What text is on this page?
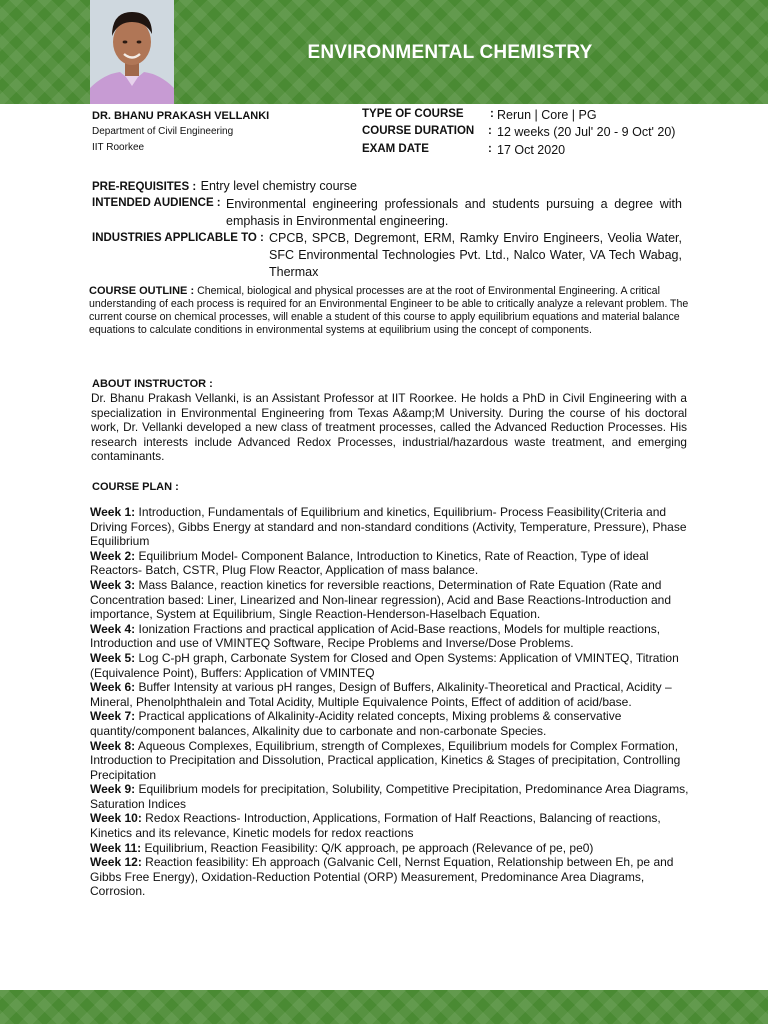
ENVIRONMENTAL CHEMISTRY
DR. BHANU PRAKASH VELLANKI
Department of Civil Engineering
IIT Roorkee
TYPE OF COURSE : Rerun | Core | PG
COURSE DURATION : 12 weeks (20 Jul' 20 - 9 Oct' 20)
EXAM DATE	: 17 Oct 2020
PRE-REQUISITES : Entry level chemistry course
INTENDED AUDIENCE : Environmental engineering professionals and students pursuing a degree with emphasis in Environmental engineering.
INDUSTRIES APPLICABLE TO : CPCB, SPCB, Degremont, ERM, Ramky Enviro Engineers, Veolia Water, SFC Environmental Technologies Pvt. Ltd., Nalco Water, VA Tech Wabag, Thermax
COURSE OUTLINE : Chemical, biological and physical processes are at the root of Environmental Engineering. A critical understanding of each process is required for an Environmental Engineer to be able to critically analyze a relevant problem. The current course on chemical processes, will enable a student of this course to apply equilibrium equations and material balance equations to calculate conditions in environmental systems at equilibrium using the concept of components.
ABOUT INSTRUCTOR :
Dr. Bhanu Prakash Vellanki, is an Assistant Professor at IIT Roorkee. He holds a PhD in Civil Engineering with a specialization in Environmental Engineering from Texas A&amp;M University. During the course of his doctoral work, Dr. Vellanki developed a new class of treatment processes, called the Advanced Reduction Processes. His research interests include Advanced Redox Processes, industrial/hazardous waste treatment, and emerging contaminants.
COURSE PLAN :

Week 1: Introduction, Fundamentals of Equilibrium and kinetics, Equilibrium- Process Feasibility(Criteria and Driving Forces), Gibbs Energy at standard and non-standard conditions (Activity, Temperature, Pressure), Phase Equilibrium

Week 2: Equilibrium Model- Component Balance, Introduction to Kinetics, Rate of Reaction, Type of ideal Reactors- Batch, CSTR, Plug Flow Reactor, Application of mass balance.

Week 3: Mass Balance, reaction kinetics for reversible reactions, Determination of Rate Equation (Rate and Concentration based: Liner, Linearized and Non-linear regression), Acid and Base Reactions-Introduction and importance, System at Equilibrium, Single Reaction-Henderson-Haselbach Equation.

Week 4: Ionization Fractions and practical application of Acid-Base reactions, Models for multiple reactions, Introduction and use of VMINTEQ Software, Recipe Problems and Inverse/Dose Problems.

Week 5: Log C-pH graph, Carbonate System for Closed and Open Systems: Application of VMINTEQ, Titration (Equivalence Point), Buffers: Application of VMINTEQ

Week 6: Buffer Intensity at various pH ranges, Design of Buffers, Alkalinity-Theoretical and Practical, Acidity – Mineral, Phenolphthalein and Total Acidity, Multiple Equivalence Points, Effect of addition of acid/base.

Week 7: Practical applications of Alkalinity-Acidity related concepts, Mixing problems & conservative quantity/component balances, Alkalinity due to carbonate and non-carbonate Species.

Week 8: Aqueous Complexes, Equilibrium, strength of Complexes, Equilibrium models for Complex Formation, Introduction to Precipitation and Dissolution, Practical application, Kinetics & Stages of precipitation, Controlling Precipitation

Week 9: Equilibrium models for precipitation, Solubility, Competitive Precipitation, Predominance Area Diagrams, Saturation Indices

Week 10: Redox Reactions- Introduction, Applications, Formation of Half Reactions, Balancing of reactions, Kinetics and its relevance, Kinetic models for redox reactions

Week 11: Equilibrium, Reaction Feasibility: Q/K approach, pe approach (Relevance of pe, pe0)

Week 12: Reaction feasibility: Eh approach (Galvanic Cell, Nernst Equation, Relationship between Eh, pe and Gibbs Free Energy), Oxidation-Reduction Potential (ORP) Measurement, Predominance Area Diagrams, Corrosion.
